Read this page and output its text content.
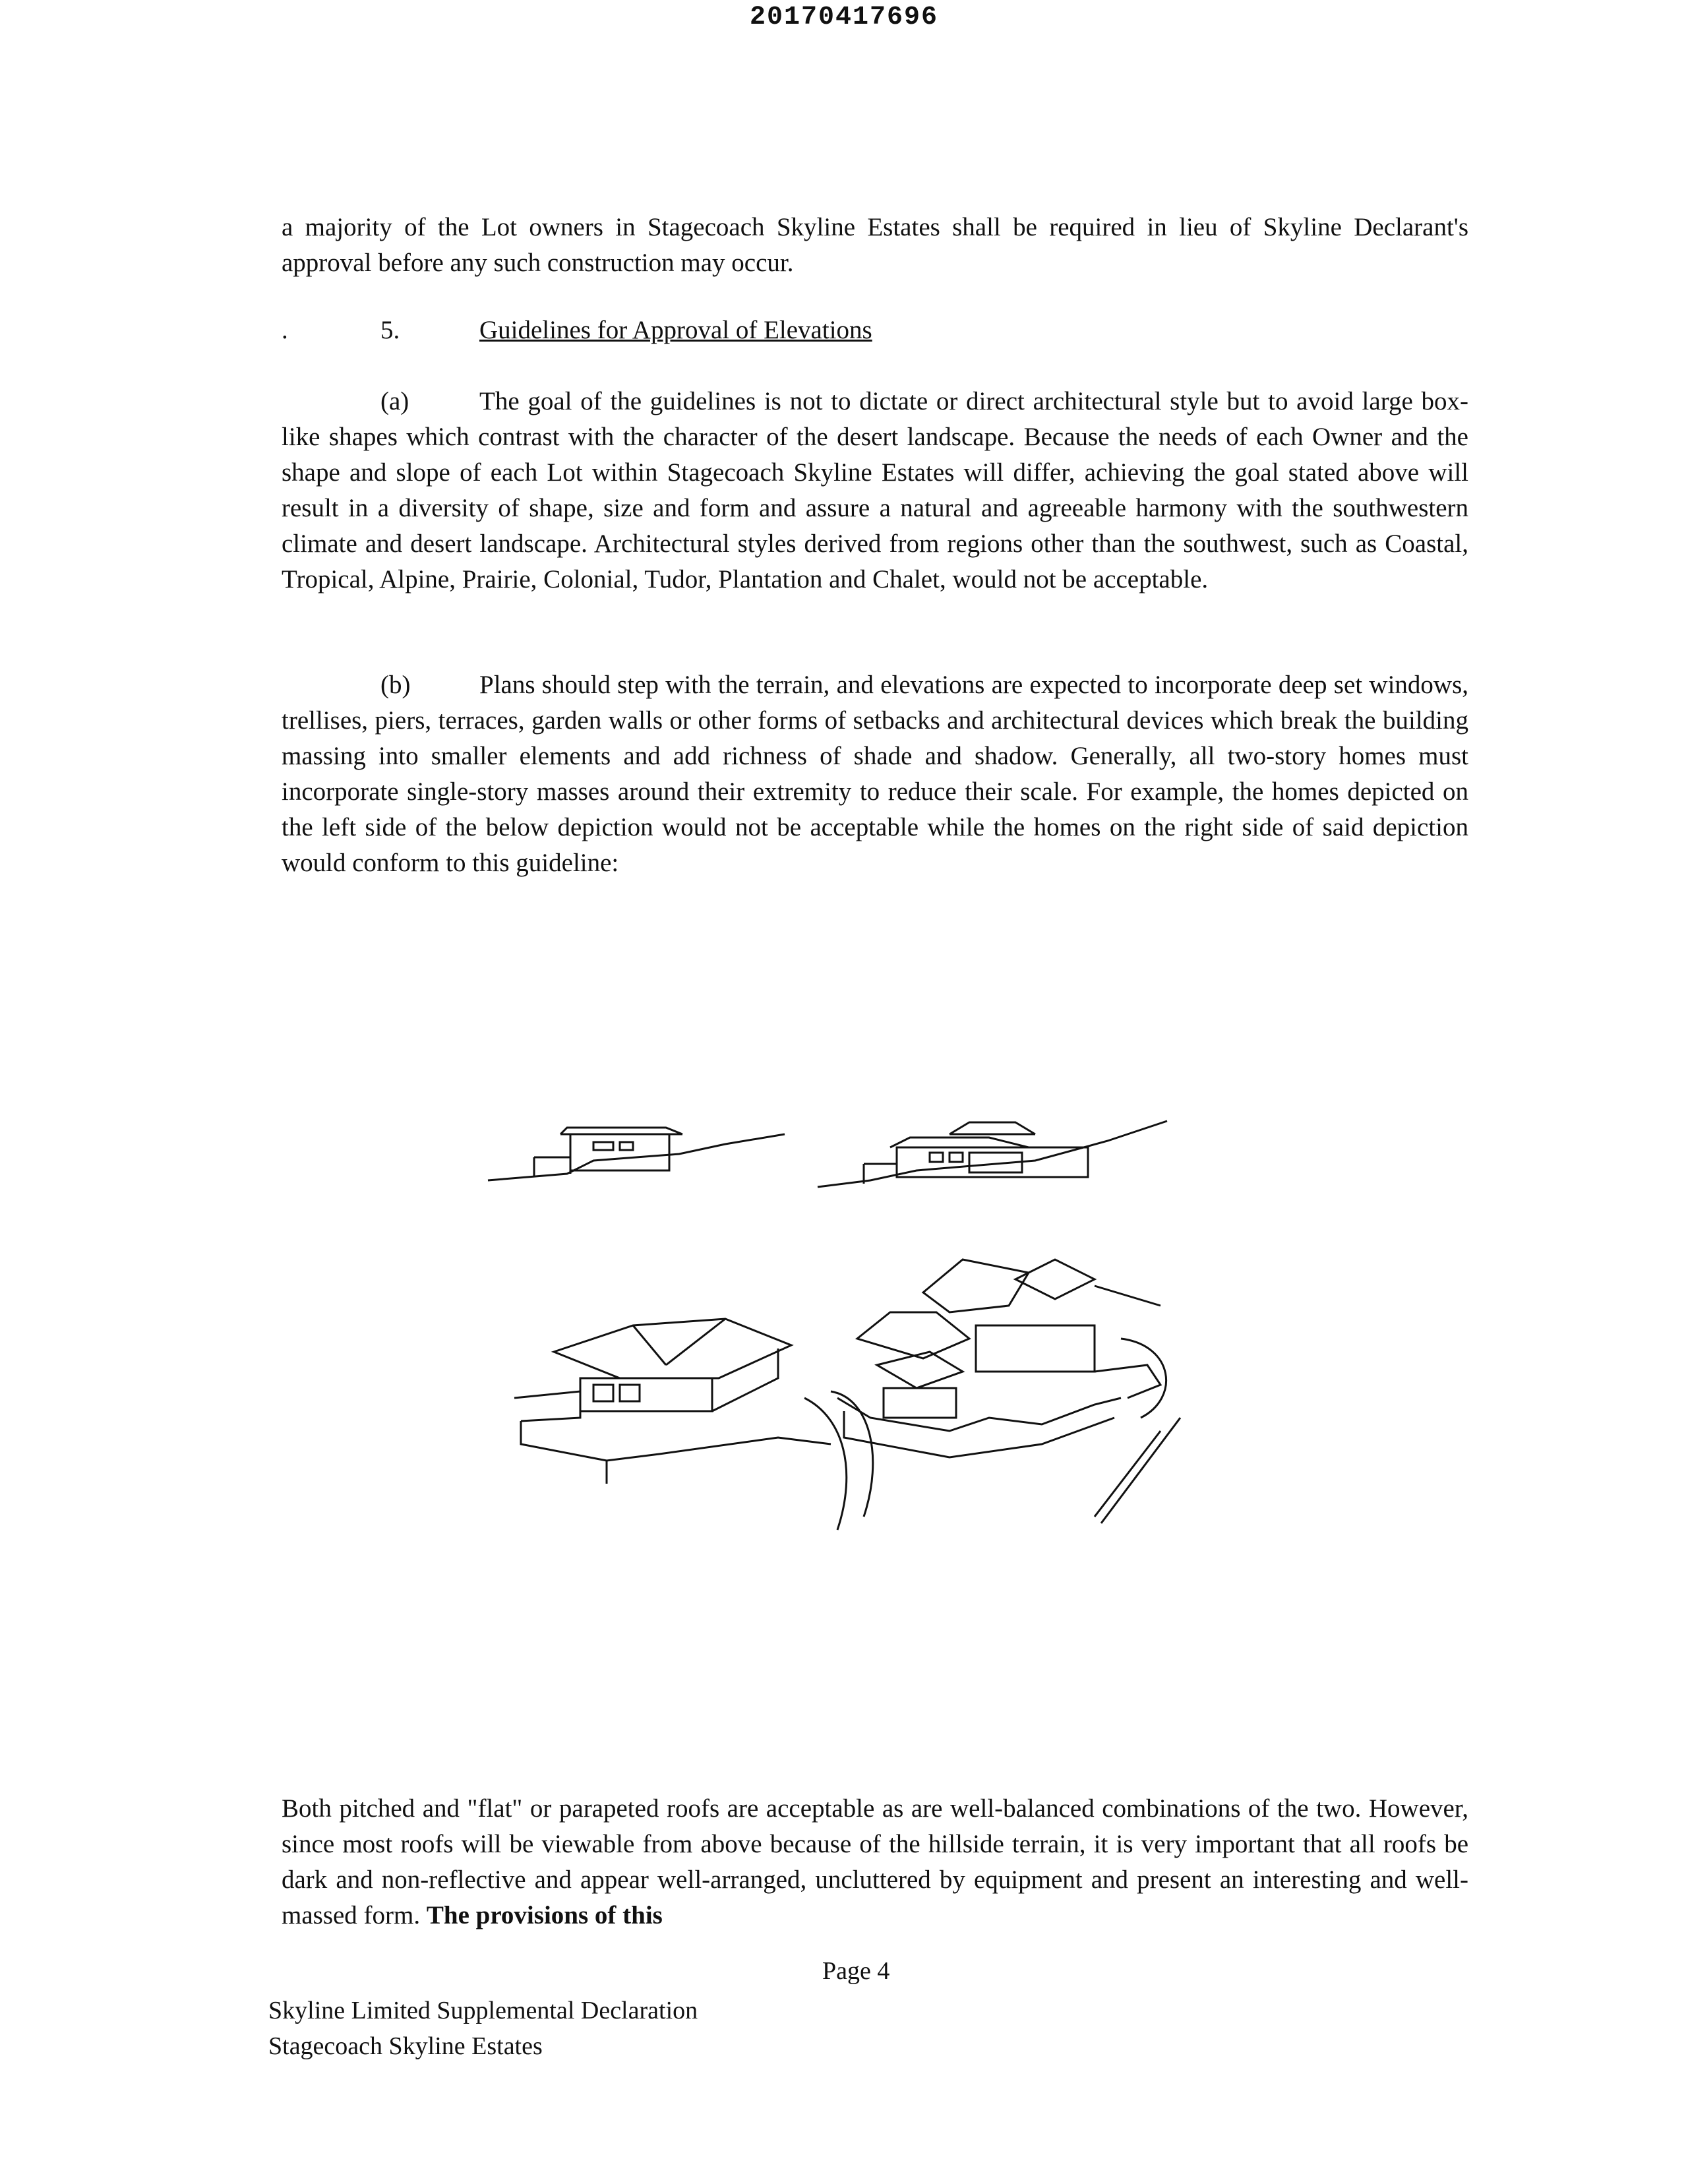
20170417696
a majority of the Lot owners in Stagecoach Skyline Estates shall be required in lieu of Skyline Declarant's approval before any such construction may occur.
5.	Guidelines for Approval of Elevations
.
(a)	The goal of the guidelines is not to dictate or direct architectural style but to avoid large box-like shapes which contrast with the character of the desert landscape. Because the needs of each Owner and the shape and slope of each Lot within Stagecoach Skyline Estates will differ, achieving the goal stated above will result in a diversity of shape, size and form and assure a natural and agreeable harmony with the southwestern climate and desert landscape. Architectural styles derived from regions other than the southwest, such as Coastal, Tropical, Alpine, Prairie, Colonial, Tudor, Plantation and Chalet, would not be acceptable.
(b)	Plans should step with the terrain, and elevations are expected to incorporate deep set windows, trellises, piers, terraces, garden walls or other forms of setbacks and architectural devices which break the building massing into smaller elements and add richness of shade and shadow. Generally, all two-story homes must incorporate single-story masses around their extremity to reduce their scale. For example, the homes depicted on the left side of the below depiction would not be acceptable while the homes on the right side of said depiction would conform to this guideline:
Both pitched and "flat" or parapeted roofs are acceptable as are well-balanced combinations of the two. However, since most roofs will be viewable from above because of the hillside terrain, it is very important that all roofs be dark and non-reflective and appear well-arranged, uncluttered by equipment and present an interesting and well-massed form. The provisions of this
Page 4
Skyline Limited Supplemental Declaration
Stagecoach Skyline Estates
